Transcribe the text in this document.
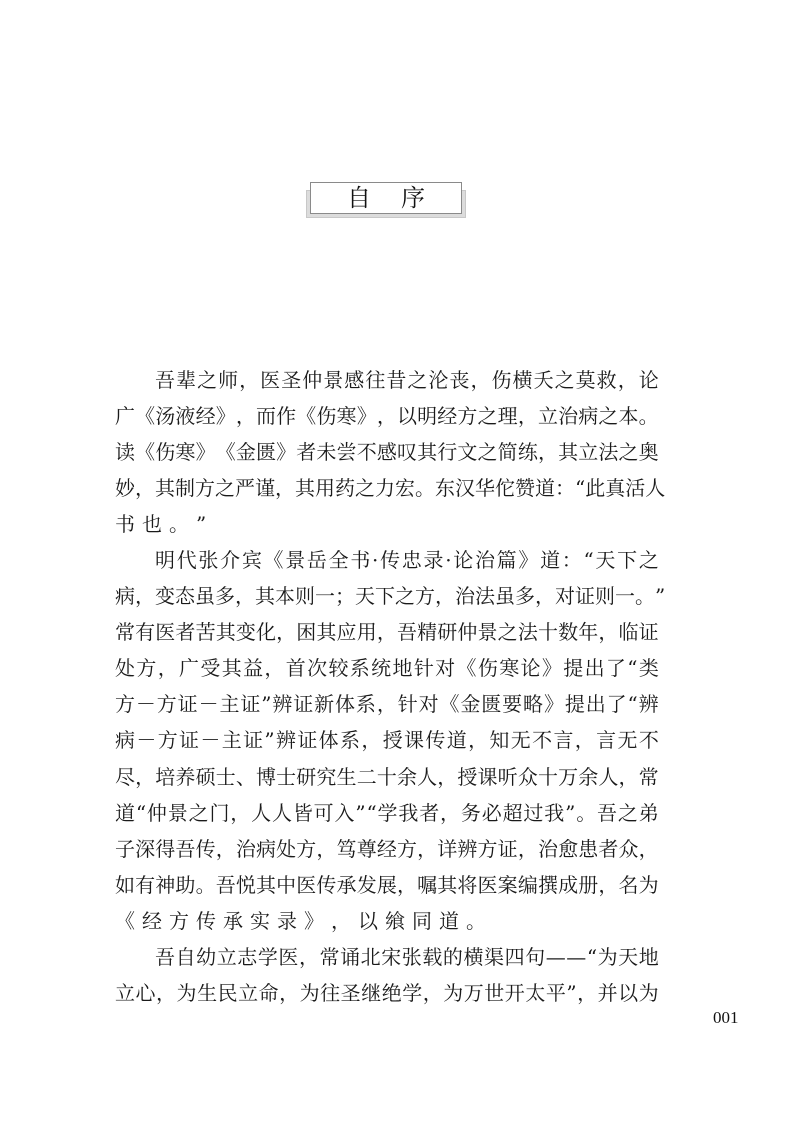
自序
吾 辈 之 师 ， 医 圣 仲 景 感 往 昔 之 沦 丧 ， 伤 横 夭 之 莫 救 ， 论
广 《 汤 液 经 》 ， 而 作 《 伤 寒 》 ， 以 明 经 方 之 理 ， 立 治 病 之 本 。
读 《 伤 寒 》 《 金 匮 》 者 未 尝 不 感 叹 其 行 文 之 简 练 ， 其 立 法 之 奥
妙 ， 其 制 方 之 严 谨 ， 其 用 药 之 力 宏 。 东 汉 华 佗 赞 道 ： “ 此 真 活 人
书 也 。 ”
明 代 张 介 宾 《 景 岳 全 书 · 传 忠 录 · 论 治 篇 》 道 ： “ 天 下 之
病 ， 变 态 虽 多 ， 其 本 则 一 ； 天 下 之 方 ， 治 法 虽 多 ， 对 证 则 一 。 ”
常 有 医 者 苦 其 变 化 ， 困 其 应 用 ， 吾 精 研 仲 景 之 法 十 数 年 ， 临 证
处 方 ， 广 受 其 益 ， 首 次 较 系 统 地 针 对 《 伤 寒 论 》 提 出 了 “ 类
方 － 方 证 － 主 证 ” 辨 证 新 体 系 ， 针 对 《 金 匮 要 略 》 提 出 了 “ 辨
病 － 方 证 － 主 证 ” 辨 证 体 系 ， 授 课 传 道 ， 知 无 不 言 ， 言 无 不
尽 ， 培 养 硕 士 、 博 士 研 究 生 二 十 余 人 ， 授 课 听 众 十 万 余 人 ， 常
道 “ 仲 景 之 门 ， 人 人 皆 可 入 ” “ 学 我 者 ， 务 必 超 过 我 ” 。 吾 之 弟
子 深 得 吾 传 ， 治 病 处 方 ， 笃 尊 经 方 ， 详 辨 方 证 ， 治 愈 患 者 众 ，
如 有 神 助 。 吾 悦 其 中 医 传 承 发 展 ， 嘱 其 将 医 案 编 撰 成 册 ， 名 为
《 经 方 传 承 实 录 》 ， 以 飨 同 道 。
吾 自 幼 立 志 学 医 ， 常 诵 北 宋 张 载 的 横 渠 四 句 — — “ 为 天 地
立 心 ， 为 生 民 立 命 ， 为 往 圣 继 绝 学 ， 为 万 世 开 太 平 ” ， 并 以 为
001
